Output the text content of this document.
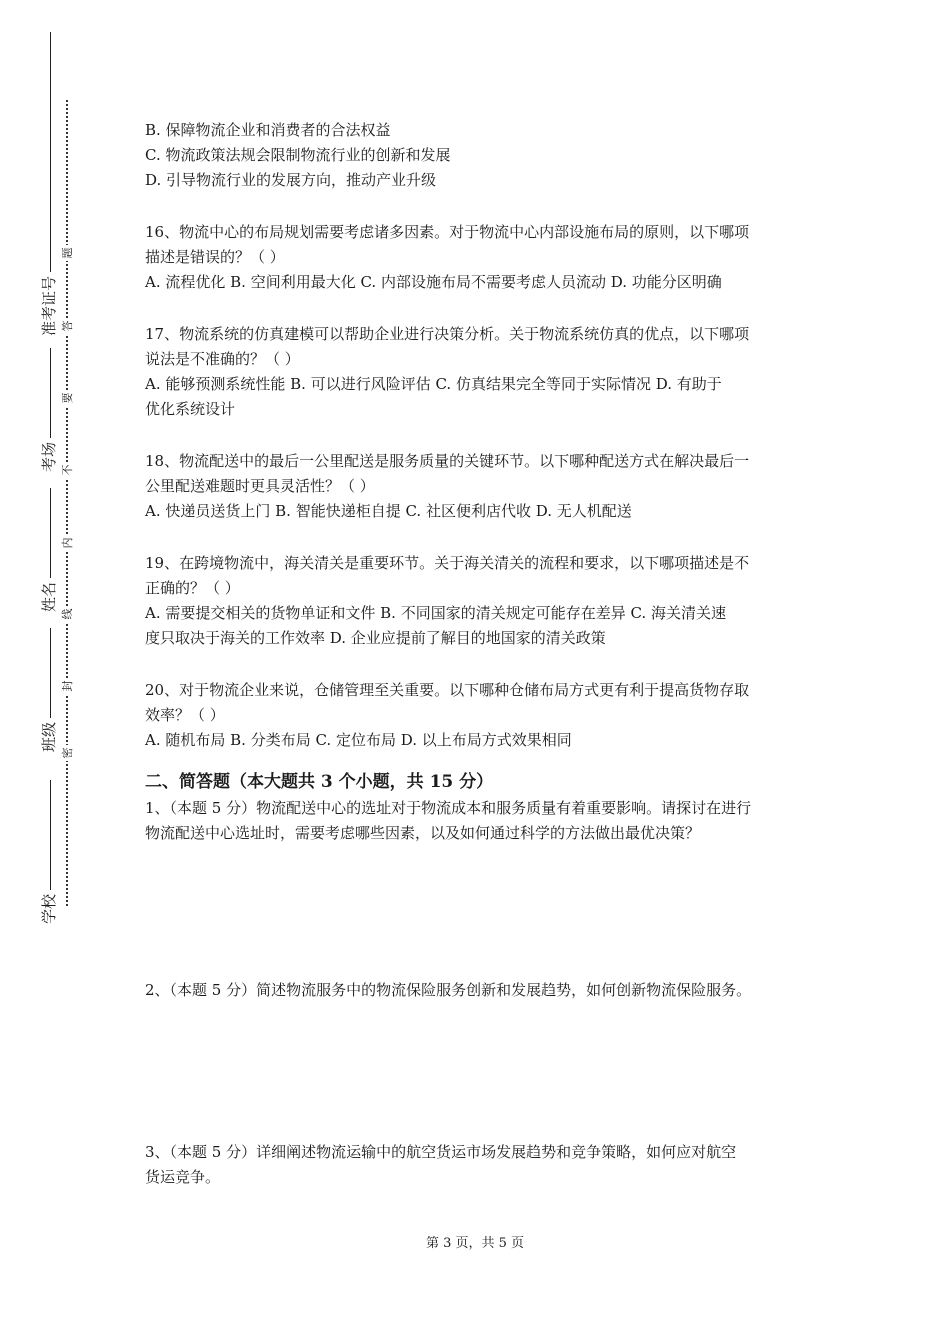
学校
班级
姓名
考场
准考证号
密
封
线
内
不
要
答
题
B. 保障物流企业和消费者的合法权益
C. 物流政策法规会限制物流行业的创新和发展
D. 引导物流行业的发展方向，推动产业升级
16、物流中心的布局规划需要考虑诸多因素。对于物流中心内部设施布局的原则，以下哪项
描述是错误的？（ ）
A. 流程优化 B. 空间利用最大化 C. 内部设施布局不需要考虑人员流动 D. 功能分区明确
17、物流系统的仿真建模可以帮助企业进行决策分析。关于物流系统仿真的优点，以下哪项
说法是不准确的？（ ）
A. 能够预测系统性能 B. 可以进行风险评估 C. 仿真结果完全等同于实际情况 D. 有助于
优化系统设计
18、物流配送中的最后一公里配送是服务质量的关键环节。以下哪种配送方式在解决最后一
公里配送难题时更具灵活性？（ ）
A. 快递员送货上门 B. 智能快递柜自提 C. 社区便利店代收 D. 无人机配送
19、在跨境物流中，海关清关是重要环节。关于海关清关的流程和要求，以下哪项描述是不
正确的？（ ）
A. 需要提交相关的货物单证和文件 B. 不同国家的清关规定可能存在差异 C. 海关清关速
度只取决于海关的工作效率 D. 企业应提前了解目的地国家的清关政策
20、对于物流企业来说，仓储管理至关重要。以下哪种仓储布局方式更有利于提高货物存取
效率？（ ）
A. 随机布局 B. 分类布局 C. 定位布局 D. 以上布局方式效果相同
二、简答题（本大题共 3 个小题，共 15 分）
1、（本题 5 分）物流配送中心的选址对于物流成本和服务质量有着重要影响。请探讨在进行
物流配送中心选址时，需要考虑哪些因素，以及如何通过科学的方法做出最优决策？
2、（本题 5 分）简述物流服务中的物流保险服务创新和发展趋势，如何创新物流保险服务。
3、（本题 5 分）详细阐述物流运输中的航空货运市场发展趋势和竞争策略，如何应对航空
货运竞争。
第 3 页，共 5 页
